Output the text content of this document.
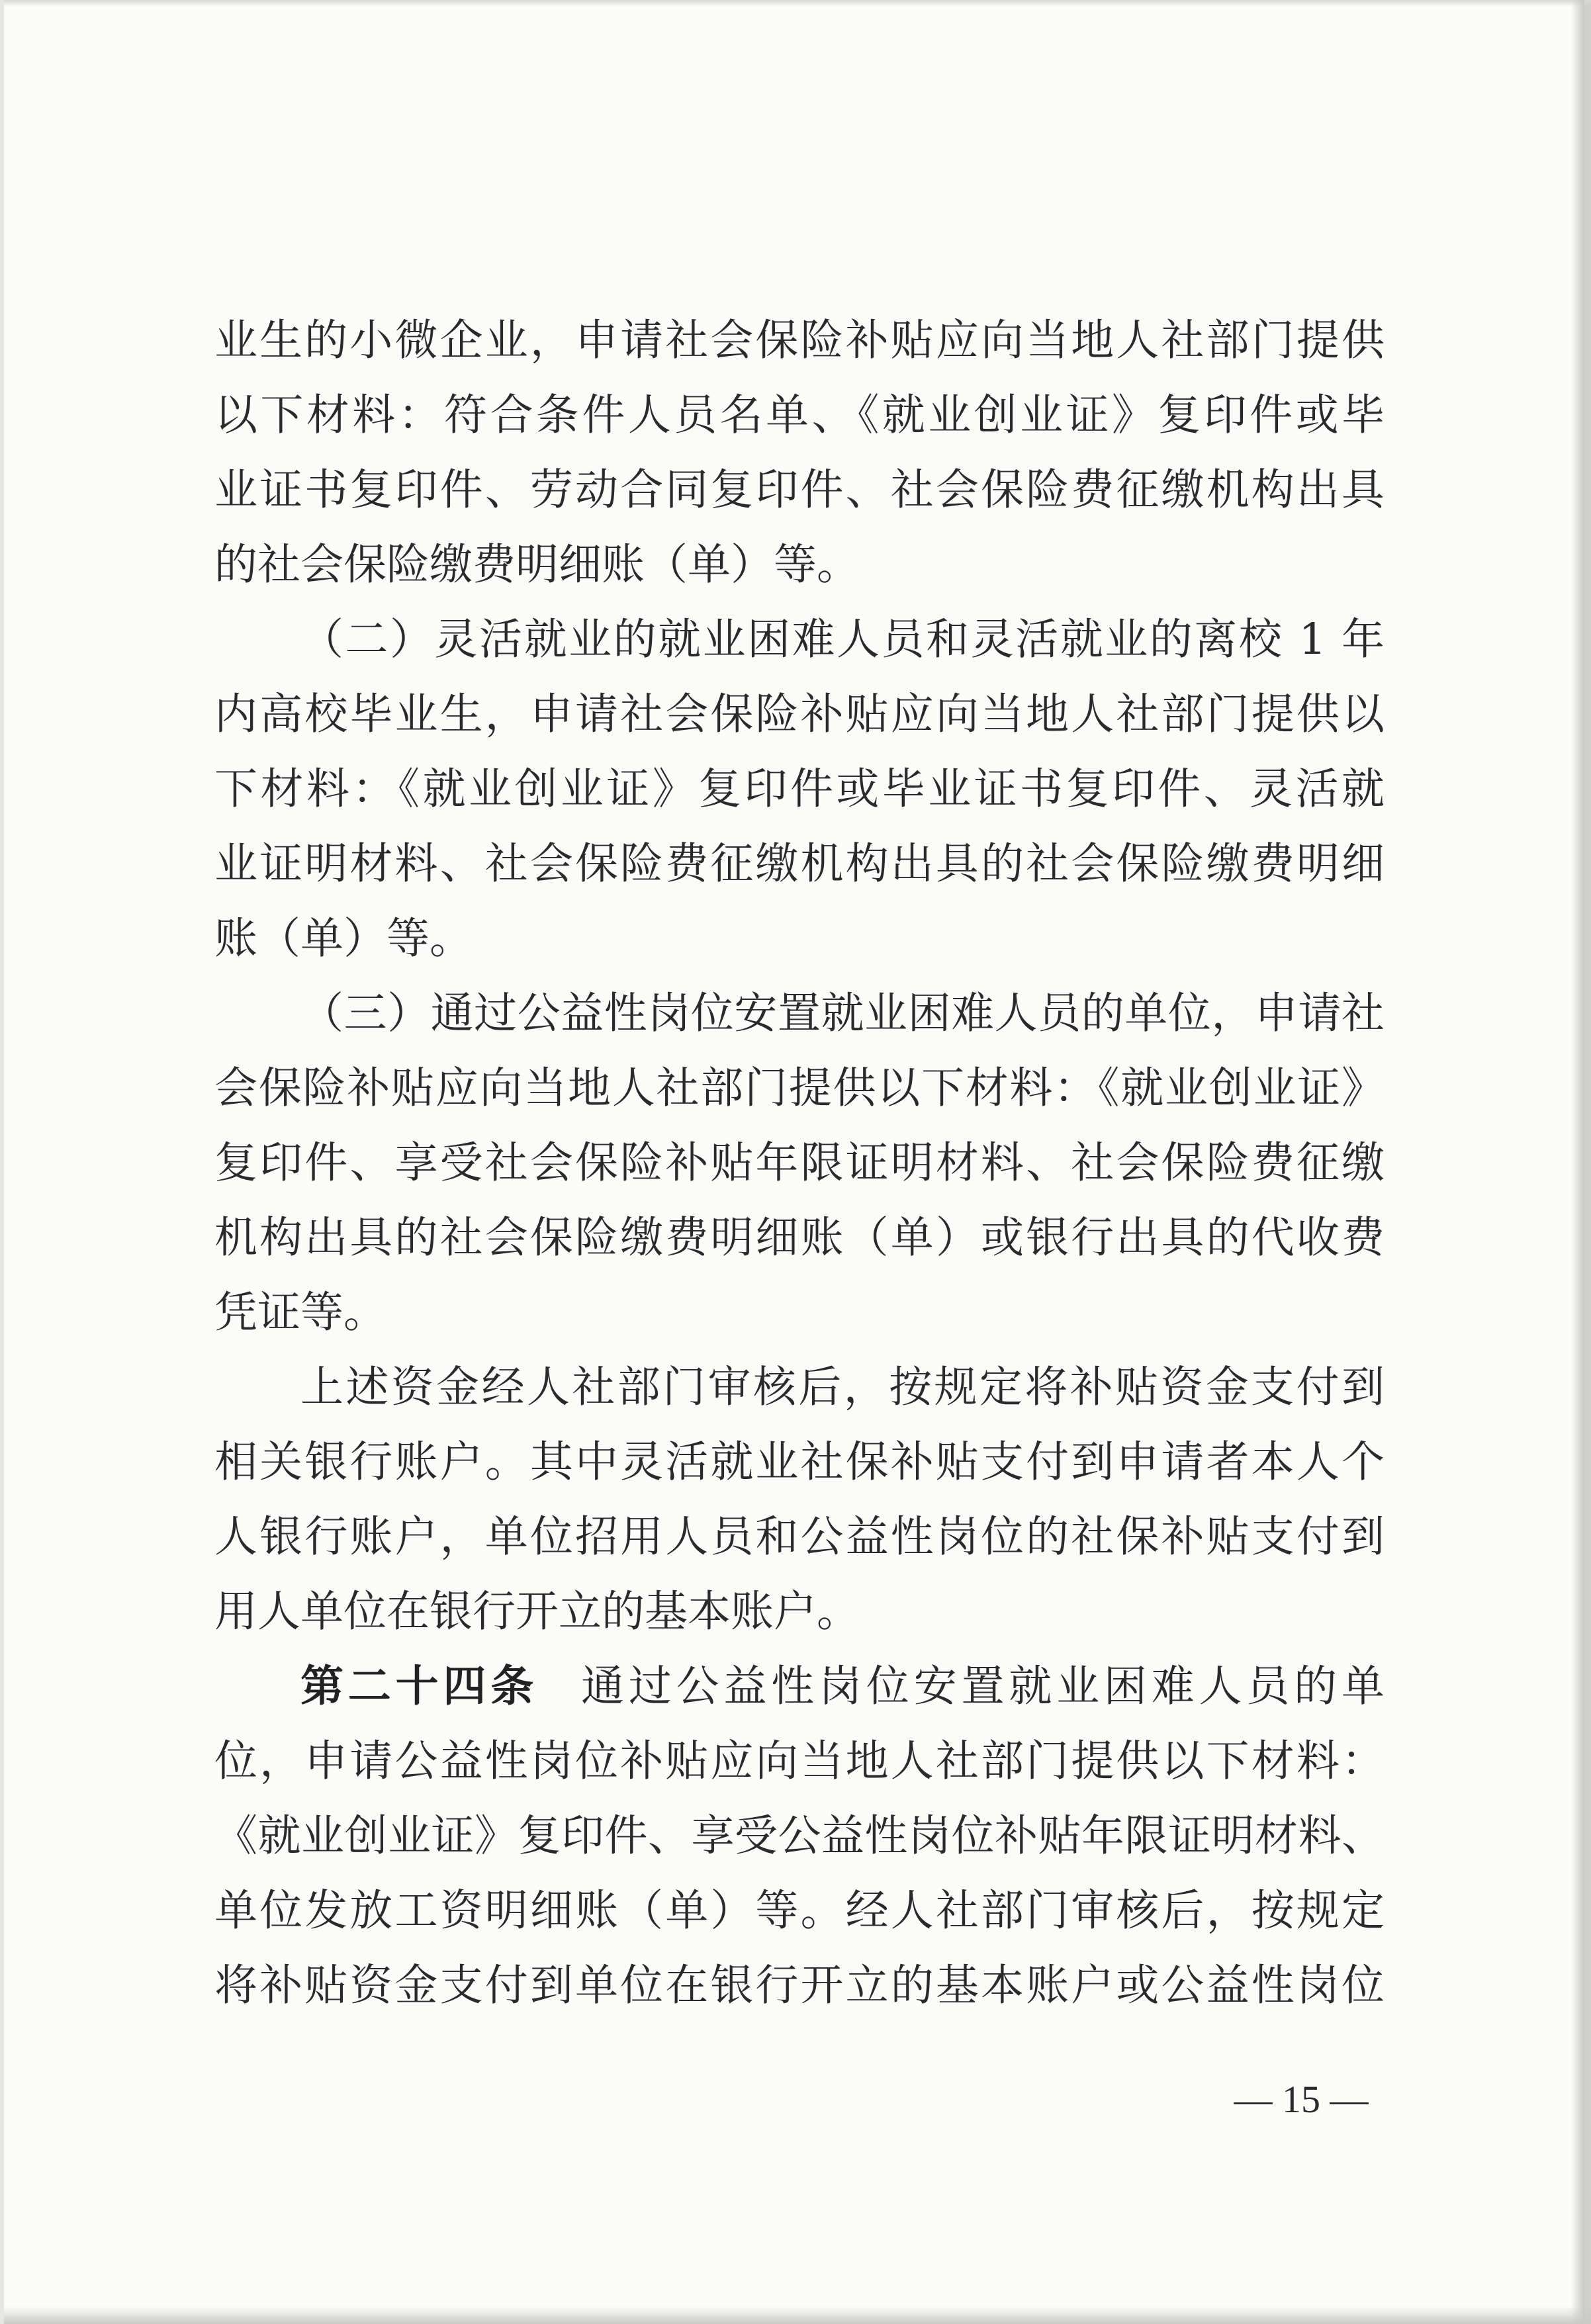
业生的小微企业，申请社会保险补贴应向当地人社部门提供
以下材料：符合条件人员名单、《就业创业证》复印件或毕
业证书复印件、劳动合同复印件、社会保险费征缴机构出具
的社会保险缴费明细账（单）等。
（二）灵活就业的就业困难人员和灵活就业的离校 1 年
内高校毕业生，申请社会保险补贴应向当地人社部门提供以
下材料：《就业创业证》复印件或毕业证书复印件、灵活就
业证明材料、社会保险费征缴机构出具的社会保险缴费明细
账（单）等。
（三）通过公益性岗位安置就业困难人员的单位，申请社
会保险补贴应向当地人社部门提供以下材料：《就业创业证》
复印件、享受社会保险补贴年限证明材料、社会保险费征缴
机构出具的社会保险缴费明细账（单）或银行出具的代收费
凭证等。
上述资金经人社部门审核后，按规定将补贴资金支付到
相关银行账户。其中灵活就业社保补贴支付到申请者本人个
人银行账户，单位招用人员和公益性岗位的社保补贴支付到
用人单位在银行开立的基本账户。
第二十四条 通过公益性岗位安置就业困难人员的单
位，申请公益性岗位补贴应向当地人社部门提供以下材料：
《就业创业证》复印件、享受公益性岗位补贴年限证明材料、
单位发放工资明细账（单）等。经人社部门审核后，按规定
将补贴资金支付到单位在银行开立的基本账户或公益性岗位
— 15 —
